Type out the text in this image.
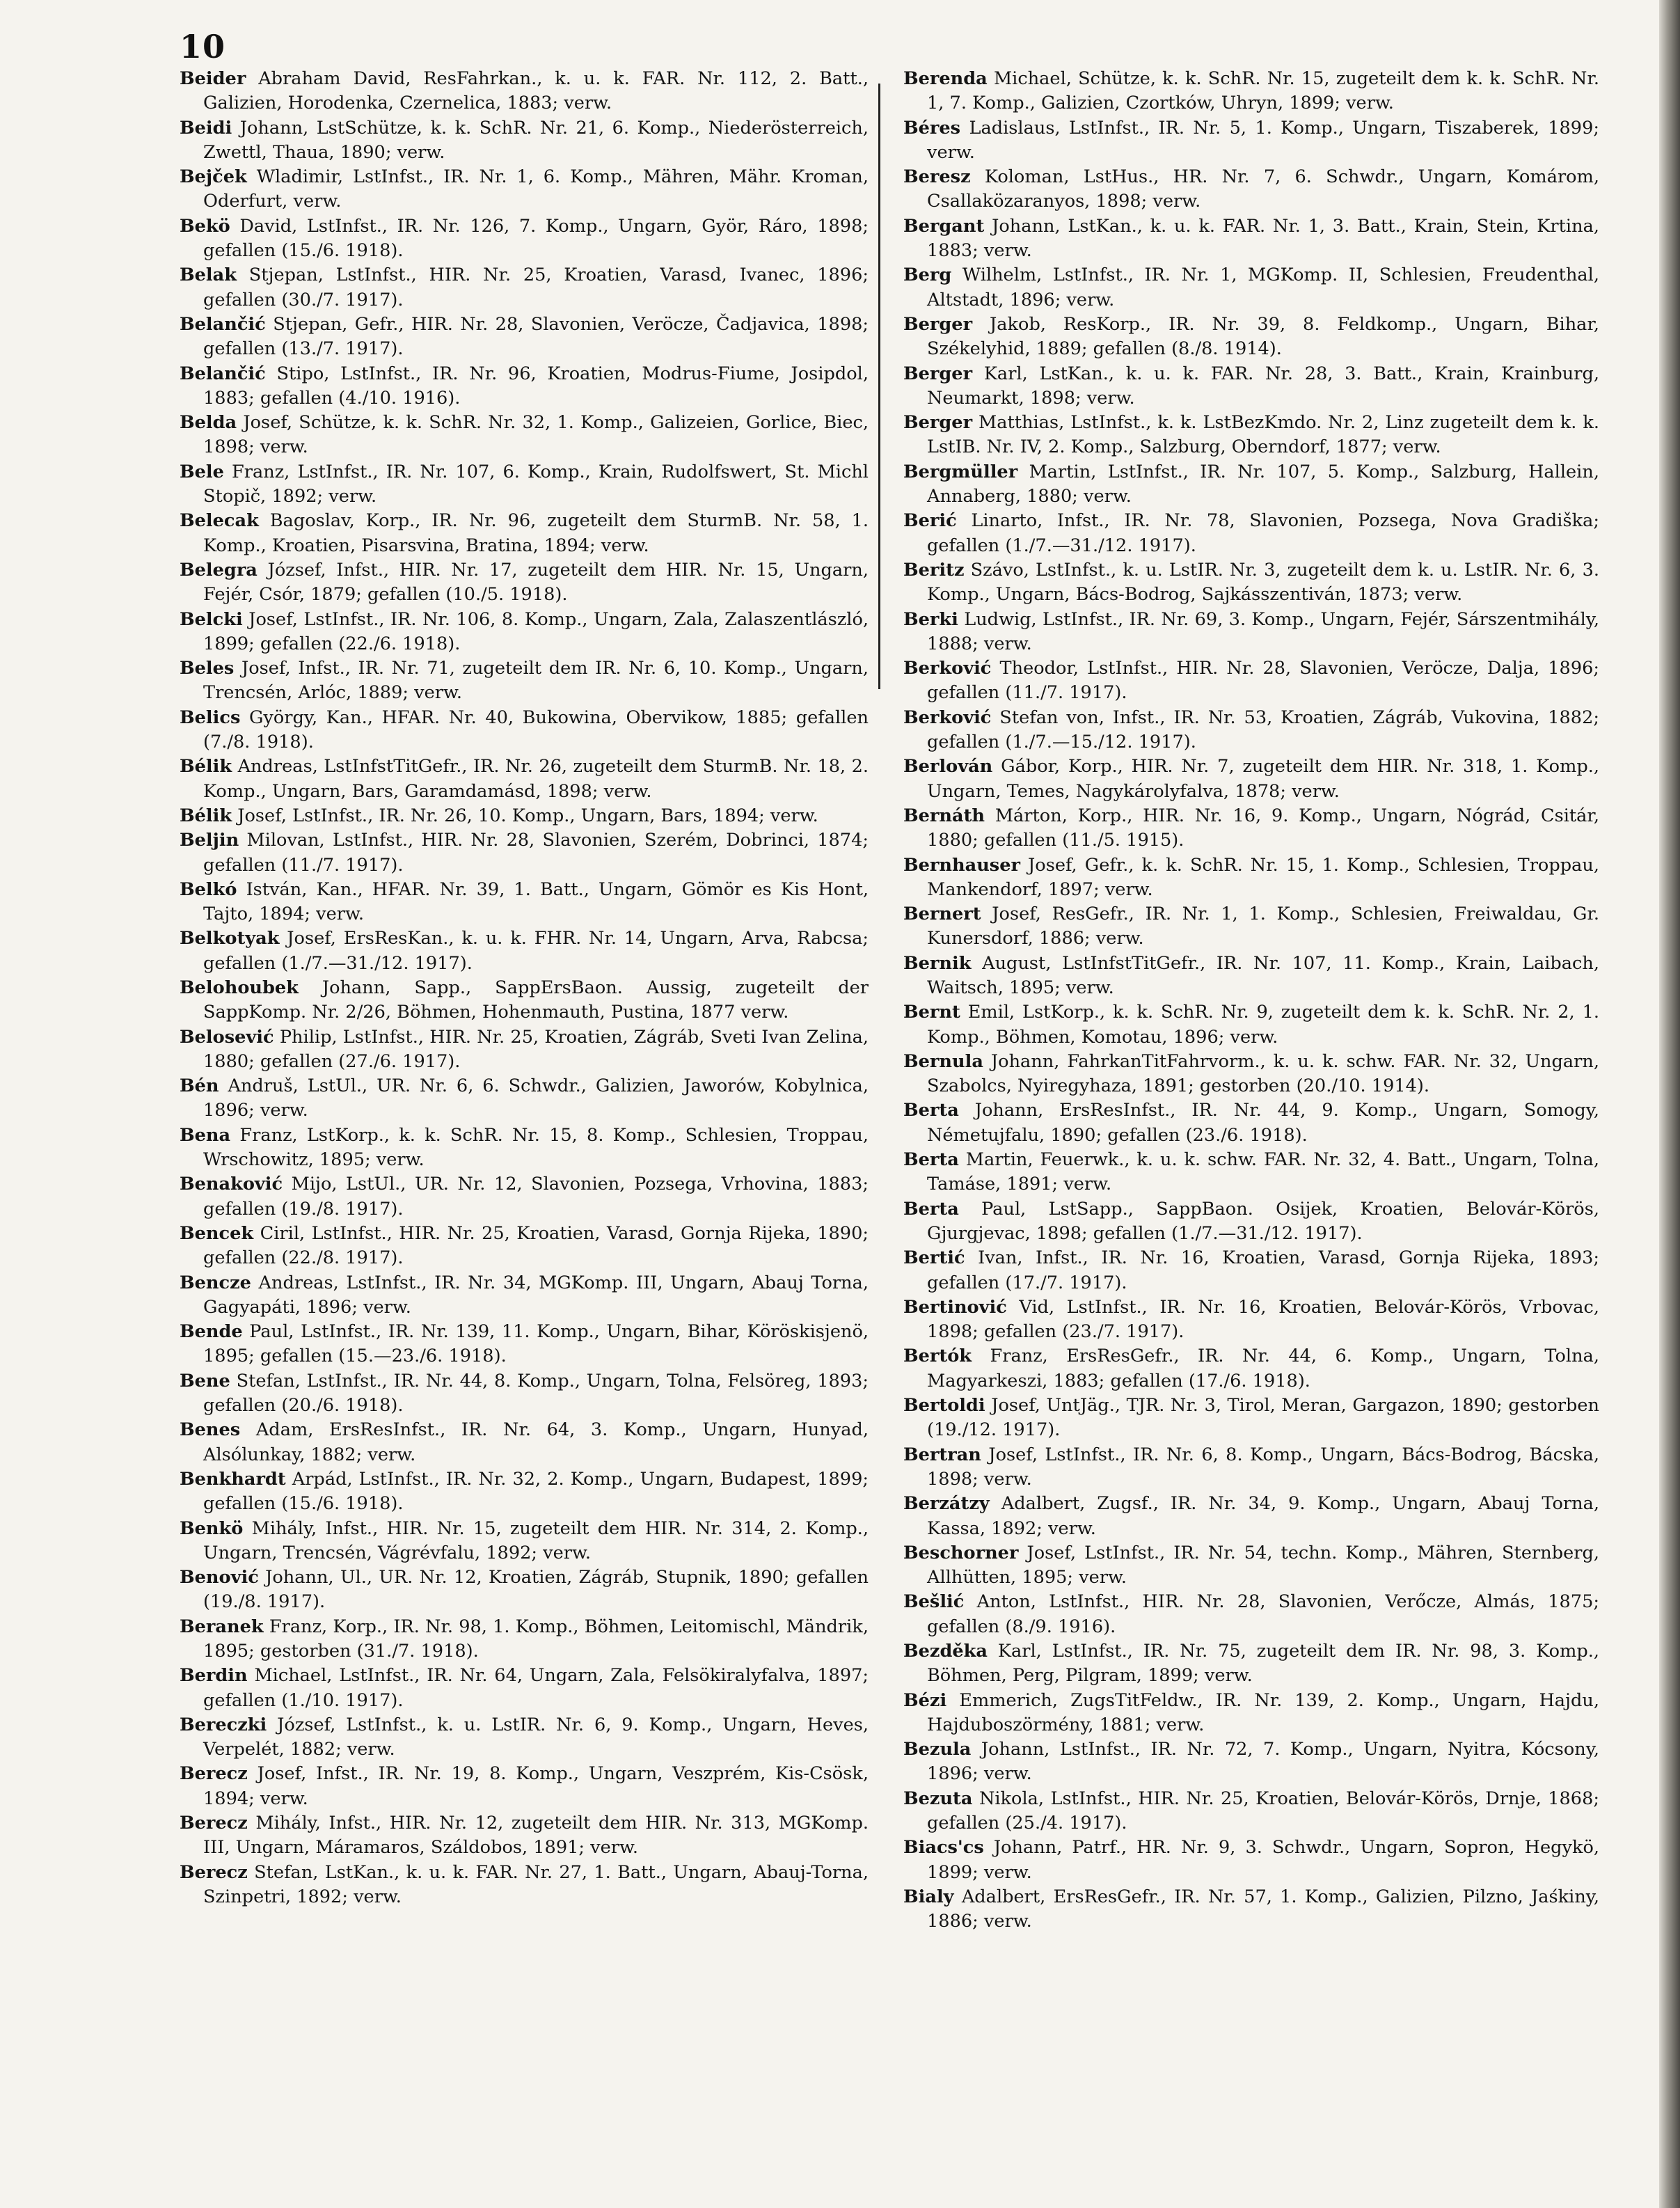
10
Beider Abraham David, ResFahrkan., k. u. k. FAR. Nr. 112, 2. Batt., Galizien, Horodenka, Czernelica, 1883; verw.
Beidi Johann, LstSchütze, k. k. SchR. Nr. 21, 6. Komp., Niederösterreich, Zwettl, Thaua, 1890; verw.
Bejček Wladimir, LstInfst., IR. Nr. 1, 6. Komp., Mähren, Mähr. Kroman, Oderfurt, verw.
Bekö David, LstInfst., IR. Nr. 126, 7. Komp., Ungarn, Györ, Ráro, 1898; gefallen (15./6. 1918).
Belak Stjepan, LstInfst., HIR. Nr. 25, Kroatien, Varasd, Ivanec, 1896; gefallen (30./7. 1917).
Belančić Stjepan, Gefr., HIR. Nr. 28, Slavonien, Veröcze, Čadjavica, 1898; gefallen (13./7. 1917).
Belančić Stipo, LstInfst., IR. Nr. 96, Kroatien, Modrus-Fiume, Josipdol, 1883; gefallen (4./10. 1916).
Belda Josef, Schütze, k. k. SchR. Nr. 32, 1. Komp., Galizeien, Gorlice, Biec, 1898; verw.
Bele Franz, LstInfst., IR. Nr. 107, 6. Komp., Krain, Rudolfswert, St. Michl Stopič, 1892; verw.
Belecak Bagoslav, Korp., IR. Nr. 96, zugeteilt dem SturmB. Nr. 58, 1. Komp., Kroatien, Pisarsvina, Bratina, 1894; verw.
Belegra József, Infst., HIR. Nr. 17, zugeteilt dem HIR. Nr. 15, Ungarn, Fejér, Csór, 1879; gefallen (10./5. 1918).
Belcki Josef, LstInfst., IR. Nr. 106, 8. Komp., Ungarn, Zala, Zalaszentlászló, 1899; gefallen (22./6. 1918).
Beles Josef, Infst., IR. Nr. 71, zugeteilt dem IR. Nr. 6, 10. Komp., Ungarn, Trencsén, Arlóc, 1889; verw.
Belics György, Kan., HFAR. Nr. 40, Bukowina, Obervikow, 1885; gefallen (7./8. 1918).
Bélik Andreas, LstInfstTitGefr., IR. Nr. 26, zugeteilt dem SturmB. Nr. 18, 2. Komp., Ungarn, Bars, Garamdamásd, 1898; verw.
Bélik Josef, LstInfst., IR. Nr. 26, 10. Komp., Ungarn, Bars, 1894; verw.
Beljin Milovan, LstInfst., HIR. Nr. 28, Slavonien, Szerém, Dobrinci, 1874; gefallen (11./7. 1917).
Belkó István, Kan., HFAR. Nr. 39, 1. Batt., Ungarn, Gömör es Kis Hont, Tajto, 1894; verw.
Belkotyak Josef, ErsResKan., k. u. k. FHR. Nr. 14, Ungarn, Arva, Rabcsa; gefallen (1./7.—31./12. 1917).
Belohoubek Johann, Sapp., SappErsBaon. Aussig, zugeteilt der SappKomp. Nr. 2/26, Böhmen, Hohenmauth, Pustina, 1877 verw.
Belosević Philip, LstInfst., HIR. Nr. 25, Kroatien, Zágráb, Sveti Ivan Zelina, 1880; gefallen (27./6. 1917).
Bén Andruš, LstUl., UR. Nr. 6, 6. Schwdr., Galizien, Jaworów, Kobylnica, 1896; verw.
Bena Franz, LstKorp., k. k. SchR. Nr. 15, 8. Komp., Schlesien, Troppau, Wrschowitz, 1895; verw.
Benaković Mijo, LstUl., UR. Nr. 12, Slavonien, Pozsega, Vrhovina, 1883; gefallen (19./8. 1917).
Bencek Ciril, LstInfst., HIR. Nr. 25, Kroatien, Varasd, Gornja Rijeka, 1890; gefallen (22./8. 1917).
Bencze Andreas, LstInfst., IR. Nr. 34, MGKomp. III, Ungarn, Abauj Torna, Gagyapáti, 1896; verw.
Bende Paul, LstInfst., IR. Nr. 139, 11. Komp., Ungarn, Bihar, Köröskisjenö, 1895; gefallen (15.—23./6. 1918).
Bene Stefan, LstInfst., IR. Nr. 44, 8. Komp., Ungarn, Tolna, Felsöreg, 1893; gefallen (20./6. 1918).
Benes Adam, ErsResInfst., IR. Nr. 64, 3. Komp., Ungarn, Hunyad, Alsólunkay, 1882; verw.
Benkhardt Arpád, LstInfst., IR. Nr. 32, 2. Komp., Ungarn, Budapest, 1899; gefallen (15./6. 1918).
Benkö Mihály, Infst., HIR. Nr. 15, zugeteilt dem HIR. Nr. 314, 2. Komp., Ungarn, Trencsén, Vágrévfalu, 1892; verw.
Benović Johann, Ul., UR. Nr. 12, Kroatien, Zágráb, Stupnik, 1890; gefallen (19./8. 1917).
Beranek Franz, Korp., IR. Nr. 98, 1. Komp., Böhmen, Leitomischl, Mändrik, 1895; gestorben (31./7. 1918).
Berdin Michael, LstInfst., IR. Nr. 64, Ungarn, Zala, Felsökiralyfalva, 1897; gefallen (1./10. 1917).
Bereczki József, LstInfst., k. u. LstIR. Nr. 6, 9. Komp., Ungarn, Heves, Verpelét, 1882; verw.
Berecz Josef, Infst., IR. Nr. 19, 8. Komp., Ungarn, Veszprém, Kis-Csösk, 1894; verw.
Berecz Mihály, Infst., HIR. Nr. 12, zugeteilt dem HIR. Nr. 313, MGKomp. III, Ungarn, Máramaros, Száldobos, 1891; verw.
Berecz Stefan, LstKan., k. u. k. FAR. Nr. 27, 1. Batt., Ungarn, Abauj-Torna, Szinpetri, 1892; verw.
Berenda Michael, Schütze, k. k. SchR. Nr. 15, zugeteilt dem k. k. SchR. Nr. 1, 7. Komp., Galizien, Czortków, Uhryn, 1899; verw.
Béres Ladislaus, LstInfst., IR. Nr. 5, 1. Komp., Ungarn, Tiszaberek, 1899; verw.
Beresz Koloman, LstHus., HR. Nr. 7, 6. Schwdr., Ungarn, Komárom, Csallaközaranyos, 1898; verw.
Bergant Johann, LstKan., k. u. k. FAR. Nr. 1, 3. Batt., Krain, Stein, Krtina, 1883; verw.
Berg Wilhelm, LstInfst., IR. Nr. 1, MGKomp. II, Schlesien, Freudenthal, Altstadt, 1896; verw.
Berger Jakob, ResKorp., IR. Nr. 39, 8. Feldkomp., Ungarn, Bihar, Székelyhid, 1889; gefallen (8./8. 1914).
Berger Karl, LstKan., k. u. k. FAR. Nr. 28, 3. Batt., Krain, Krainburg, Neumarkt, 1898; verw.
Berger Matthias, LstInfst., k. k. LstBezKmdo. Nr. 2, Linz zugeteilt dem k. k. LstIB. Nr. IV, 2. Komp., Salzburg, Oberndorf, 1877; verw.
Bergmüller Martin, LstInfst., IR. Nr. 107, 5. Komp., Salzburg, Hallein, Annaberg, 1880; verw.
Berić Linarto, Infst., IR. Nr. 78, Slavonien, Pozsega, Nova Gradiška; gefallen (1./7.—31./12. 1917).
Beritz Szávo, LstInfst., k. u. LstIR. Nr. 3, zugeteilt dem k. u. LstIR. Nr. 6, 3. Komp., Ungarn, Bács-Bodrog, Sajkásszentiván, 1873; verw.
Berki Ludwig, LstInfst., IR. Nr. 69, 3. Komp., Ungarn, Fejér, Sárszentmihály, 1888; verw.
Berković Theodor, LstInfst., HIR. Nr. 28, Slavonien, Veröcze, Dalja, 1896; gefallen (11./7. 1917).
Berković Stefan von, Infst., IR. Nr. 53, Kroatien, Zágráb, Vukovina, 1882; gefallen (1./7.—15./12. 1917).
Berlován Gábor, Korp., HIR. Nr. 7, zugeteilt dem HIR. Nr. 318, 1. Komp., Ungarn, Temes, Nagykárolyfalva, 1878; verw.
Bernáth Márton, Korp., HIR. Nr. 16, 9. Komp., Ungarn, Nógrád, Csitár, 1880; gefallen (11./5. 1915).
Bernhauser Josef, Gefr., k. k. SchR. Nr. 15, 1. Komp., Schlesien, Troppau, Mankendorf, 1897; verw.
Bernert Josef, ResGefr., IR. Nr. 1, 1. Komp., Schlesien, Freiwaldau, Gr. Kunersdorf, 1886; verw.
Bernik August, LstInfstTitGefr., IR. Nr. 107, 11. Komp., Krain, Laibach, Waitsch, 1895; verw.
Bernt Emil, LstKorp., k. k. SchR. Nr. 9, zugeteilt dem k. k. SchR. Nr. 2, 1. Komp., Böhmen, Komotau, 1896; verw.
Bernula Johann, FahrkanTitFahrvorm., k. u. k. schw. FAR. Nr. 32, Ungarn, Szabolcs, Nyiregyhaza, 1891; gestorben (20./10. 1914).
Berta Johann, ErsResInfst., IR. Nr. 44, 9. Komp., Ungarn, Somogy, Németujfalu, 1890; gefallen (23./6. 1918).
Berta Martin, Feuerwk., k. u. k. schw. FAR. Nr. 32, 4. Batt., Ungarn, Tolna, Tamáse, 1891; verw.
Berta Paul, LstSapp., SappBaon. Osijek, Kroatien, Belovár-Körös, Gjurgjevac, 1898; gefallen (1./7.—31./12. 1917).
Bertić Ivan, Infst., IR. Nr. 16, Kroatien, Varasd, Gornja Rijeka, 1893; gefallen (17./7. 1917).
Bertinović Vid, LstInfst., IR. Nr. 16, Kroatien, Belovár-Körös, Vrbovac, 1898; gefallen (23./7. 1917).
Bertók Franz, ErsResGefr., IR. Nr. 44, 6. Komp., Ungarn, Tolna, Magyarkeszi, 1883; gefallen (17./6. 1918).
Bertoldi Josef, UntJäg., TJR. Nr. 3, Tirol, Meran, Gargazon, 1890; gestorben (19./12. 1917).
Bertran Josef, LstInfst., IR. Nr. 6, 8. Komp., Ungarn, Bács-Bodrog, Bácska, 1898; verw.
Berzátzy Adalbert, Zugsf., IR. Nr. 34, 9. Komp., Ungarn, Abauj Torna, Kassa, 1892; verw.
Beschorner Josef, LstInfst., IR. Nr. 54, techn. Komp., Mähren, Sternberg, Allhütten, 1895; verw.
Bešlić Anton, LstInfst., HIR. Nr. 28, Slavonien, Verőcze, Almás, 1875; gefallen (8./9. 1916).
Bezděka Karl, LstInfst., IR. Nr. 75, zugeteilt dem IR. Nr. 98, 3. Komp., Böhmen, Perg, Pilgram, 1899; verw.
Bézi Emmerich, ZugsTitFeldw., IR. Nr. 139, 2. Komp., Ungarn, Hajdu, Hajduboszörmény, 1881; verw.
Bezula Johann, LstInfst., IR. Nr. 72, 7. Komp., Ungarn, Nyitra, Kócsony, 1896; verw.
Bezuta Nikola, LstInfst., HIR. Nr. 25, Kroatien, Belovár-Körös, Drnje, 1868; gefallen (25./4. 1917).
Biacs'cs Johann, Patrf., HR. Nr. 9, 3. Schwdr., Ungarn, Sopron, Hegykö, 1899; verw.
Bialy Adalbert, ErsResGefr., IR. Nr. 57, 1. Komp., Galizien, Pilzno, Jaśkiny, 1886; verw.
